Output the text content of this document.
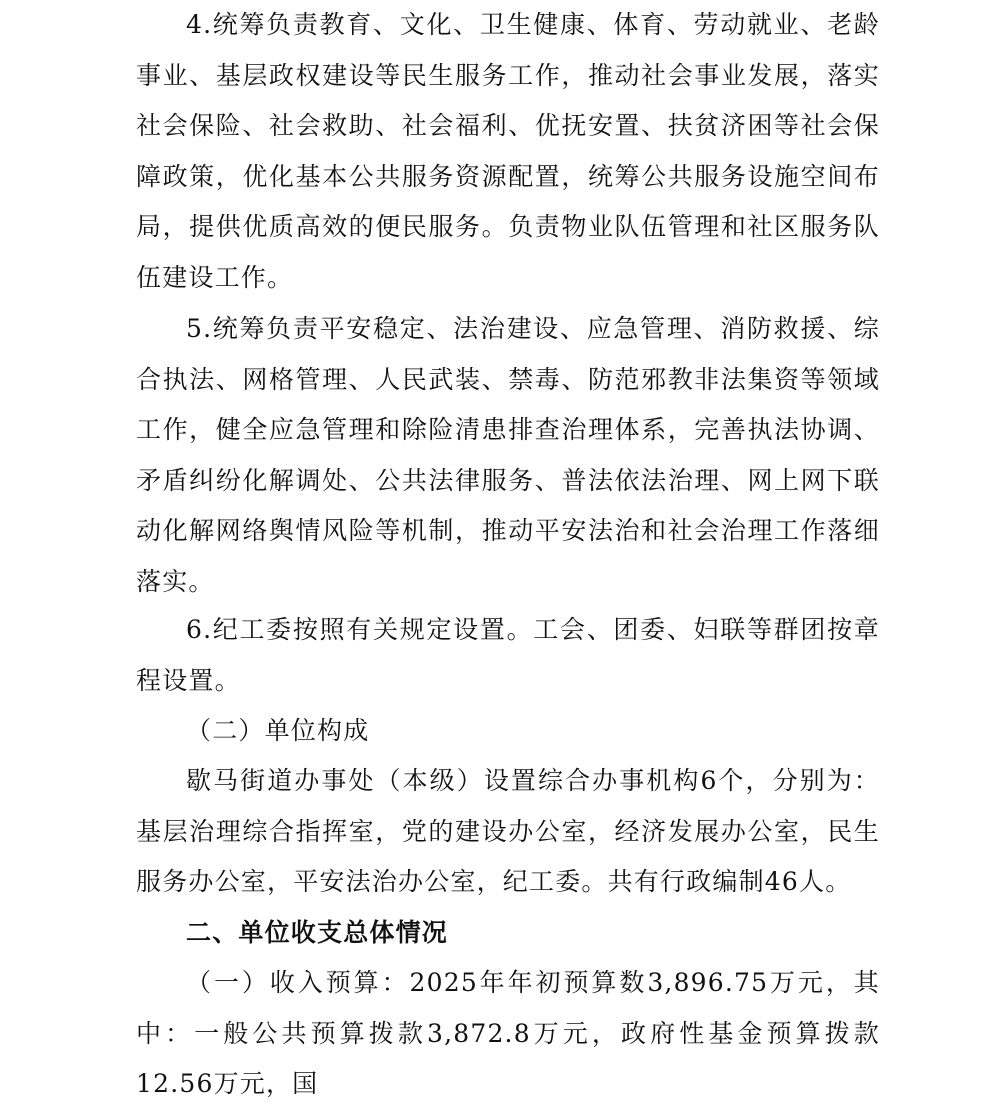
4.统筹负责教育、文化、卫生健康、体育、劳动就业、老龄事业、基层政权建设等民生服务工作，推动社会事业发展，落实社会保险、社会救助、社会福利、优抚安置、扶贫济困等社会保障政策，优化基本公共服务资源配置，统筹公共服务设施空间布局，提供优质高效的便民服务。负责物业队伍管理和社区服务队伍建设工作。

5.统筹负责平安稳定、法治建设、应急管理、消防救援、综合执法、网格管理、人民武装、禁毒、防范邪教非法集资等领域工作，健全应急管理和除险清患排查治理体系，完善执法协调、矛盾纠纷化解调处、公共法律服务、普法依法治理、网上网下联动化解网络舆情风险等机制，推动平安法治和社会治理工作落细落实。

6.纪工委按照有关规定设置。工会、团委、妇联等群团按章程设置。

（二）单位构成

歇马街道办事处（本级）设置综合办事机构6个，分别为：基层治理综合指挥室，党的建设办公室，经济发展办公室，民生服务办公室，平安法治办公室，纪工委。共有行政编制46人。

二、单位收支总体情况

（一）收入预算：2025年年初预算数3,896.75万元，其中：一般公共预算拨款3,872.8万元，政府性基金预算拨款12.56万元，国
